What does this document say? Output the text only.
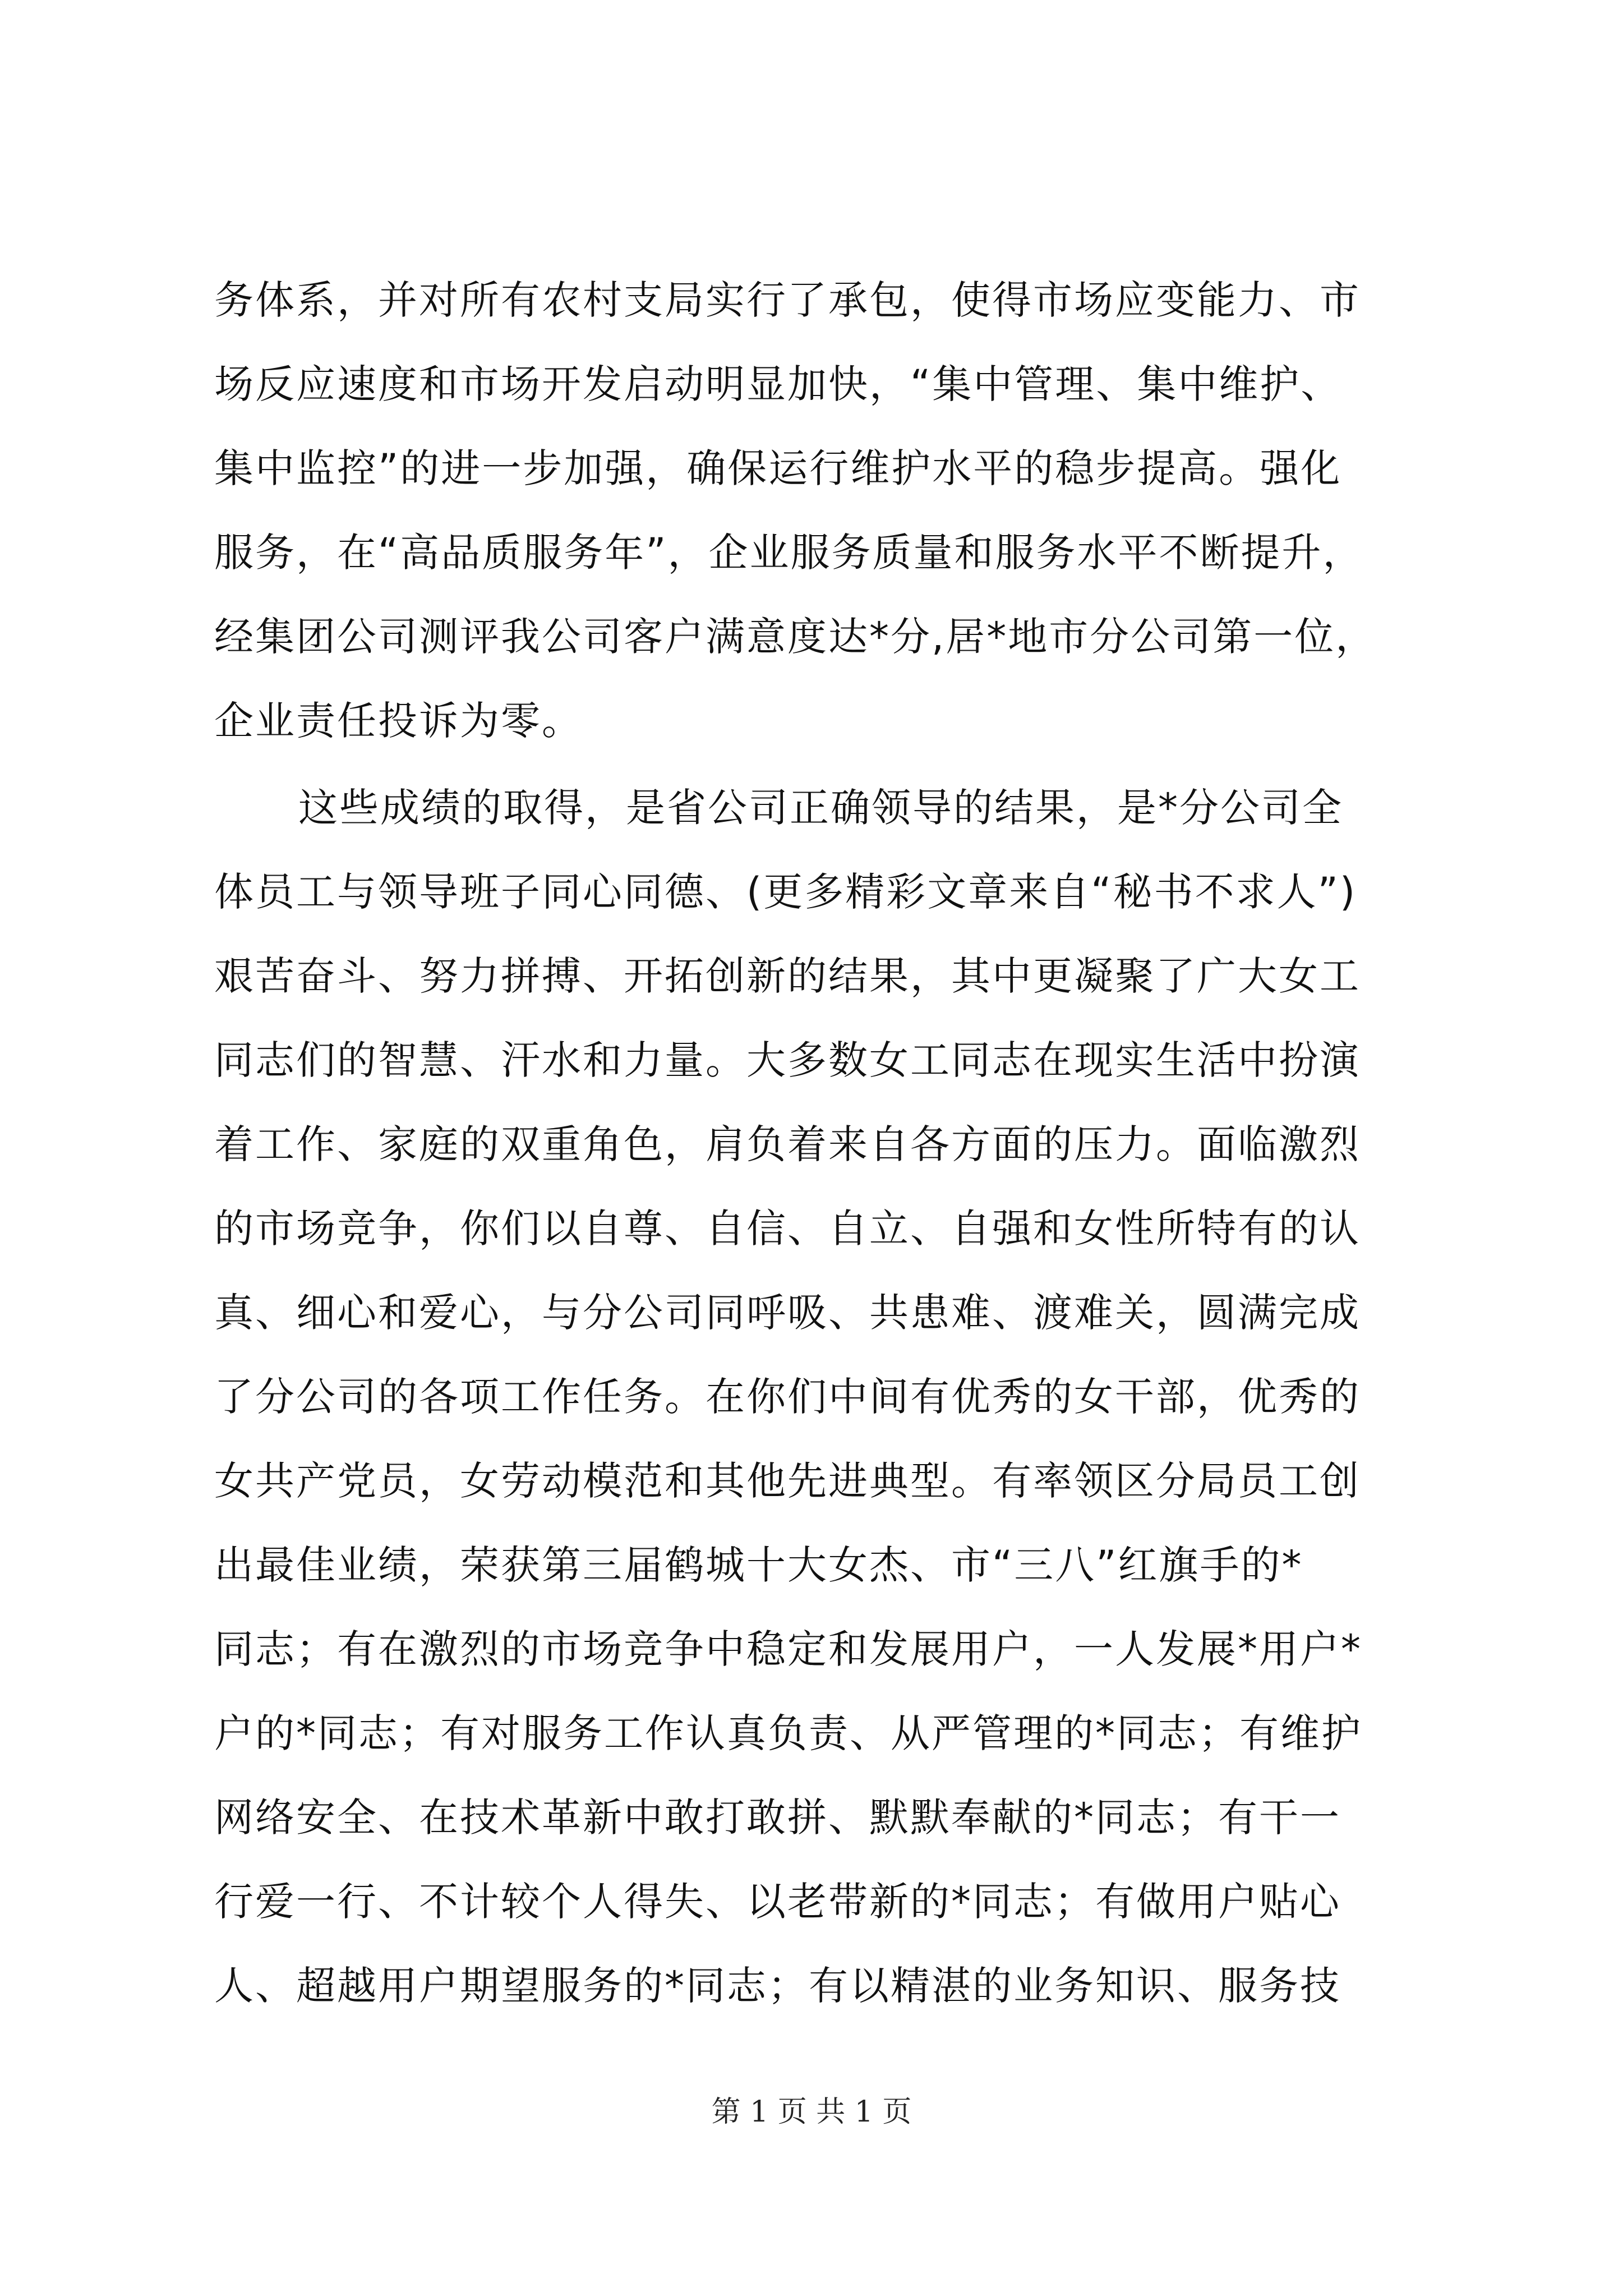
务体系，并对所有农村支局实行了承包，使得市场应变能力、市
场反应速度和市场开发启动明显加快，“集中管理、集中维护、
集中监控”的进一步加强，确保运行维护水平的稳步提高。强化
服务，在“高品质服务年”，企业服务质量和服务水平不断提升，
经集团公司测评我公司客户满意度达*分,居*地市分公司第一位，
企业责任投诉为零。
这些成绩的取得，是省公司正确领导的结果，是*分公司全
体员工与领导班子同心同德、(更多精彩文章来自“秘书不求人”)
艰苦奋斗、努力拼搏、开拓创新的结果，其中更凝聚了广大女工
同志们的智慧、汗水和力量。大多数女工同志在现实生活中扮演
着工作、家庭的双重角色，肩负着来自各方面的压力。面临激烈
的市场竞争，你们以自尊、自信、自立、自强和女性所特有的认
真、细心和爱心，与分公司同呼吸、共患难、渡难关，圆满完成
了分公司的各项工作任务。在你们中间有优秀的女干部，优秀的
女共产党员，女劳动模范和其他先进典型。有率领区分局员工创
出最佳业绩，荣获第三届鹤城十大女杰、市“三八”红旗手的*
同志；有在激烈的市场竞争中稳定和发展用户，一人发展*用户*
户的*同志；有对服务工作认真负责、从严管理的*同志；有维护
网络安全、在技术革新中敢打敢拼、默默奉献的*同志；有干一
行爱一行、不计较个人得失、以老带新的*同志；有做用户贴心
人、超越用户期望服务的*同志；有以精湛的业务知识、服务技
第 1 页 共 1 页
